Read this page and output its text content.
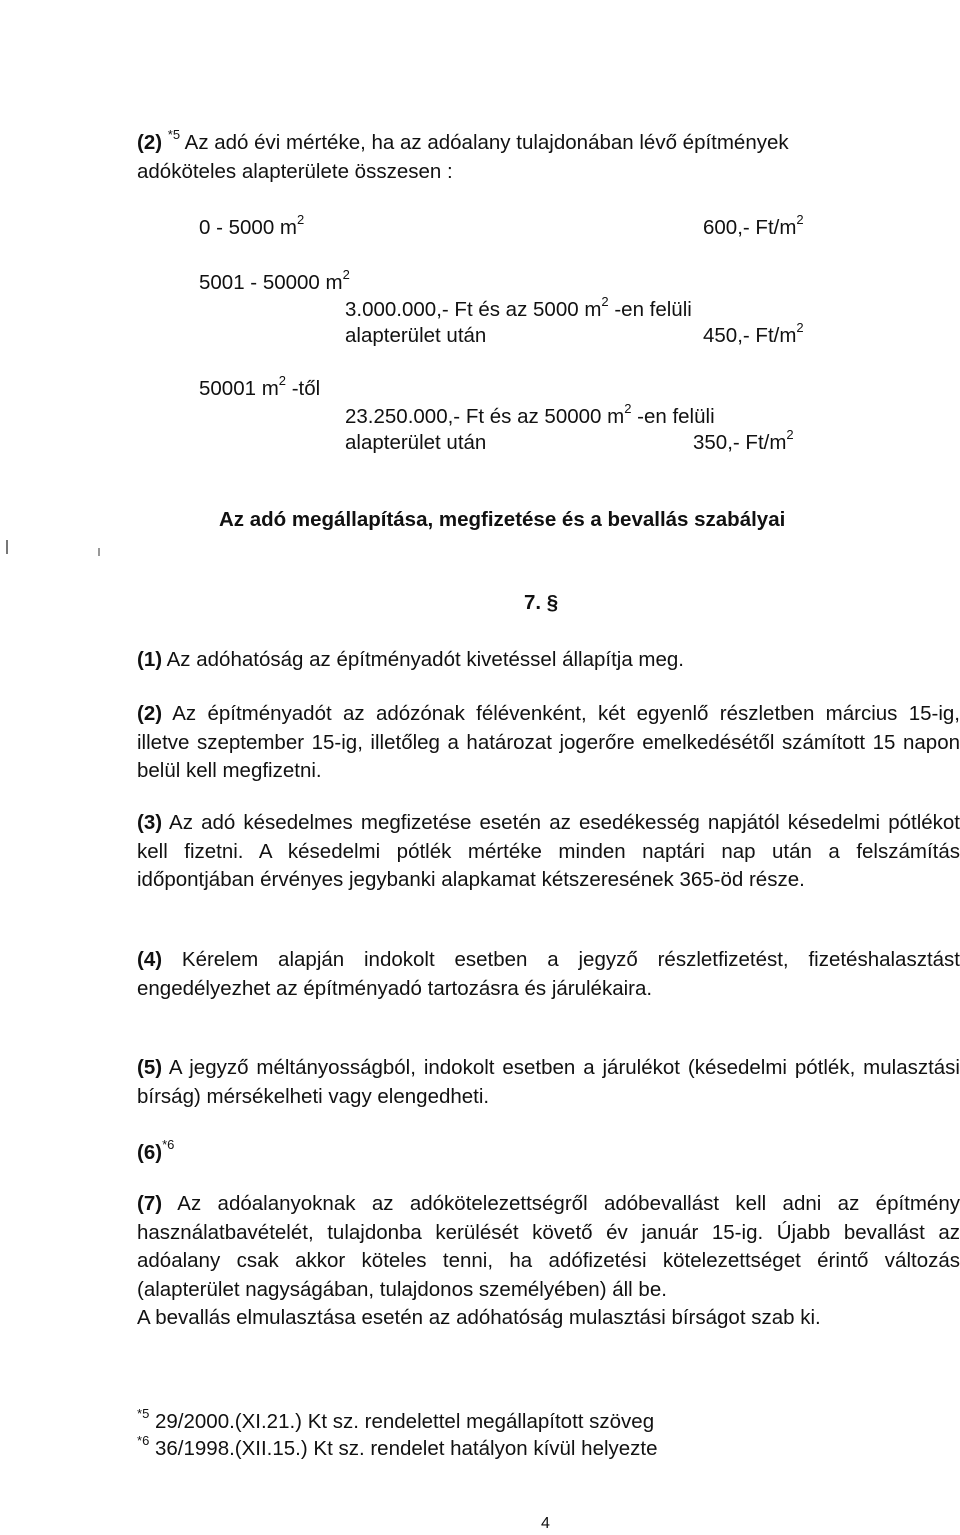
(2) $^{*5}$ Az adó évi mértéke, ha az adóalany tulajdonában lévő építmények
adóköteles alapterülete összesen :
0 - 5000 $m^2$	600,- $Ft/m^2$
5001 - 50000 $m^2$
3.000.000,- Ft és az 5000 $m^2$ -en felüli
alapterület után	450,- $Ft/m^2$
50001 $m^2$ -től
23.250.000,- Ft és az 50000 $m^2$ -en felüli
alapterület után	350,- $Ft/m^2$
Az adó megállapítása, megfizetése és a bevallás szabályai
7. §
(1) Az adóhatóság az építményadót kivetéssel állapítja meg.

(2) Az építményadót az adózónak félévenként, két egyenlő részletben március 15-ig, illetve szeptember 15-ig, illetőleg a határozat jogerőre emelkedésétől számított 15 napon belül kell megfizetni.

(3) Az adó késedelmes megfizetése esetén az esedékesség napjától késedelmi pótlékot kell fizetni. A késedelmi pótlék mértéke minden naptári nap után a felszámítás időpontjában érvényes jegybanki alapkamat kétszeresének 365-öd része.

(4) Kérelem alapján indokolt esetben a jegyző részletfizetést, fizetéshalasztást engedélyezhet az építményadó tartozásra és járulékaira.

(5) A jegyző méltányosságból, indokolt esetben a járulékot (késedelmi pótlék, mulasztási bírság) mérsékelheti vagy elengedheti.

$(6)^{*6}$

(7) Az adóalanyoknak az adókötelezettségről adóbevallást kell adni az építmény használatbavételét, tulajdonba kerülését követő év január 15-ig. Újabb bevallást az adóalany csak akkor köteles tenni, ha adófizetési kötelezettséget érintő változás (alapterület nagyságában, tulajdonos személyében) áll be.

A bevallás elmulasztása esetén az adóhatóság mulasztási bírságot szab ki.

$^{*5}$ 29/2000.(XI.21.) Kt sz. rendelettel megállapított szöveg
$^{*6}$ 36/1998.(XII.15.) Kt sz. rendelet hatályon kívül helyezte
4
